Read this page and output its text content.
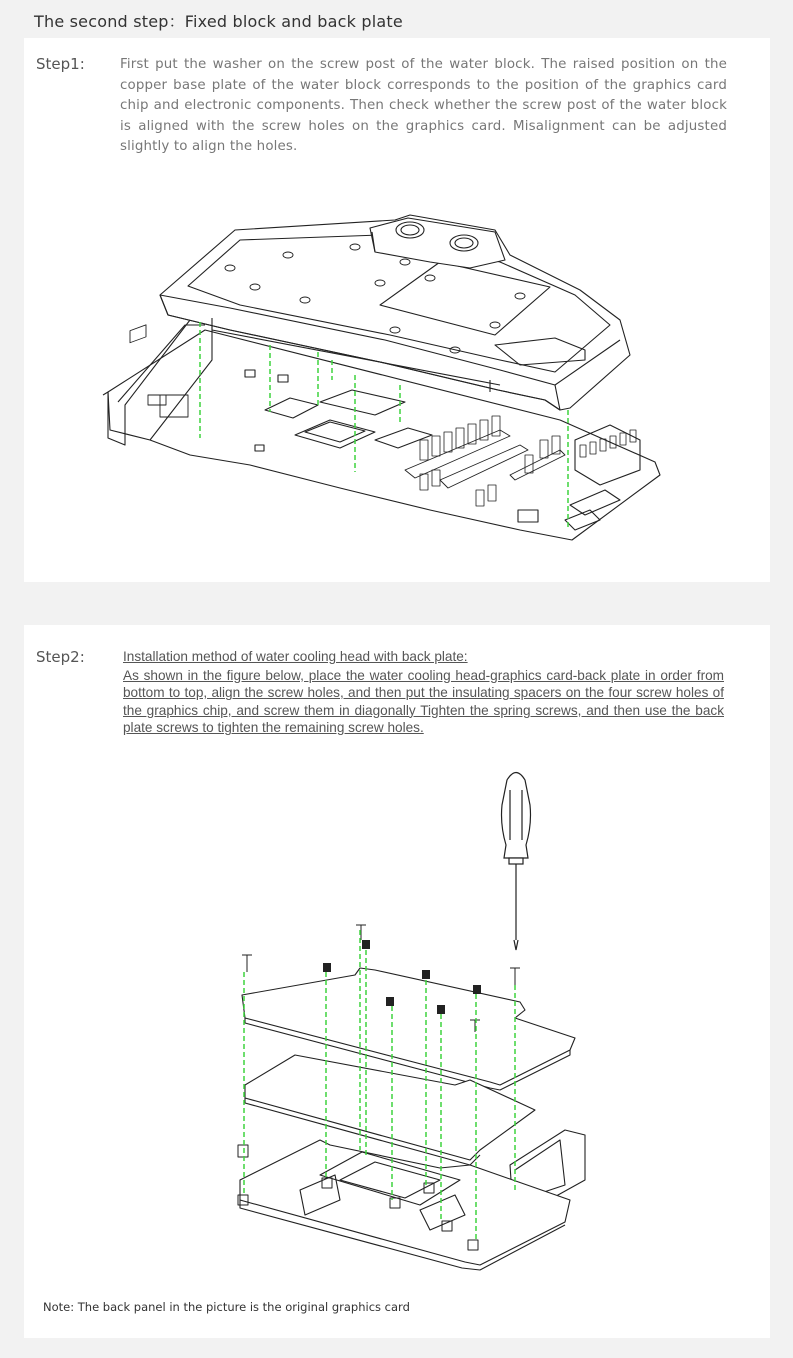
The second step：Fixed block and back plate
Step1:	First put the washer on the screw post of the water block. The raised position on the copper base plate of the water block corresponds to the position of the graphics card chip and electronic components. Then check whether the screw post of the water block is aligned with the screw holes on the graphics card. Misalignment can be adjusted slightly to align the holes.
Step2:	Installation method of water cooling head with back plate:
As shown in the figure below, place the water cooling head-graphics card-back plate in order from bottom to top, align the screw holes, and then put the insulating spacers on the four screw holes of the graphics chip, and screw them in diagonally Tighten the spring screws, and then use the back plate screws to tighten the remaining screw holes.
Note: The back panel in the picture is the original graphics card
